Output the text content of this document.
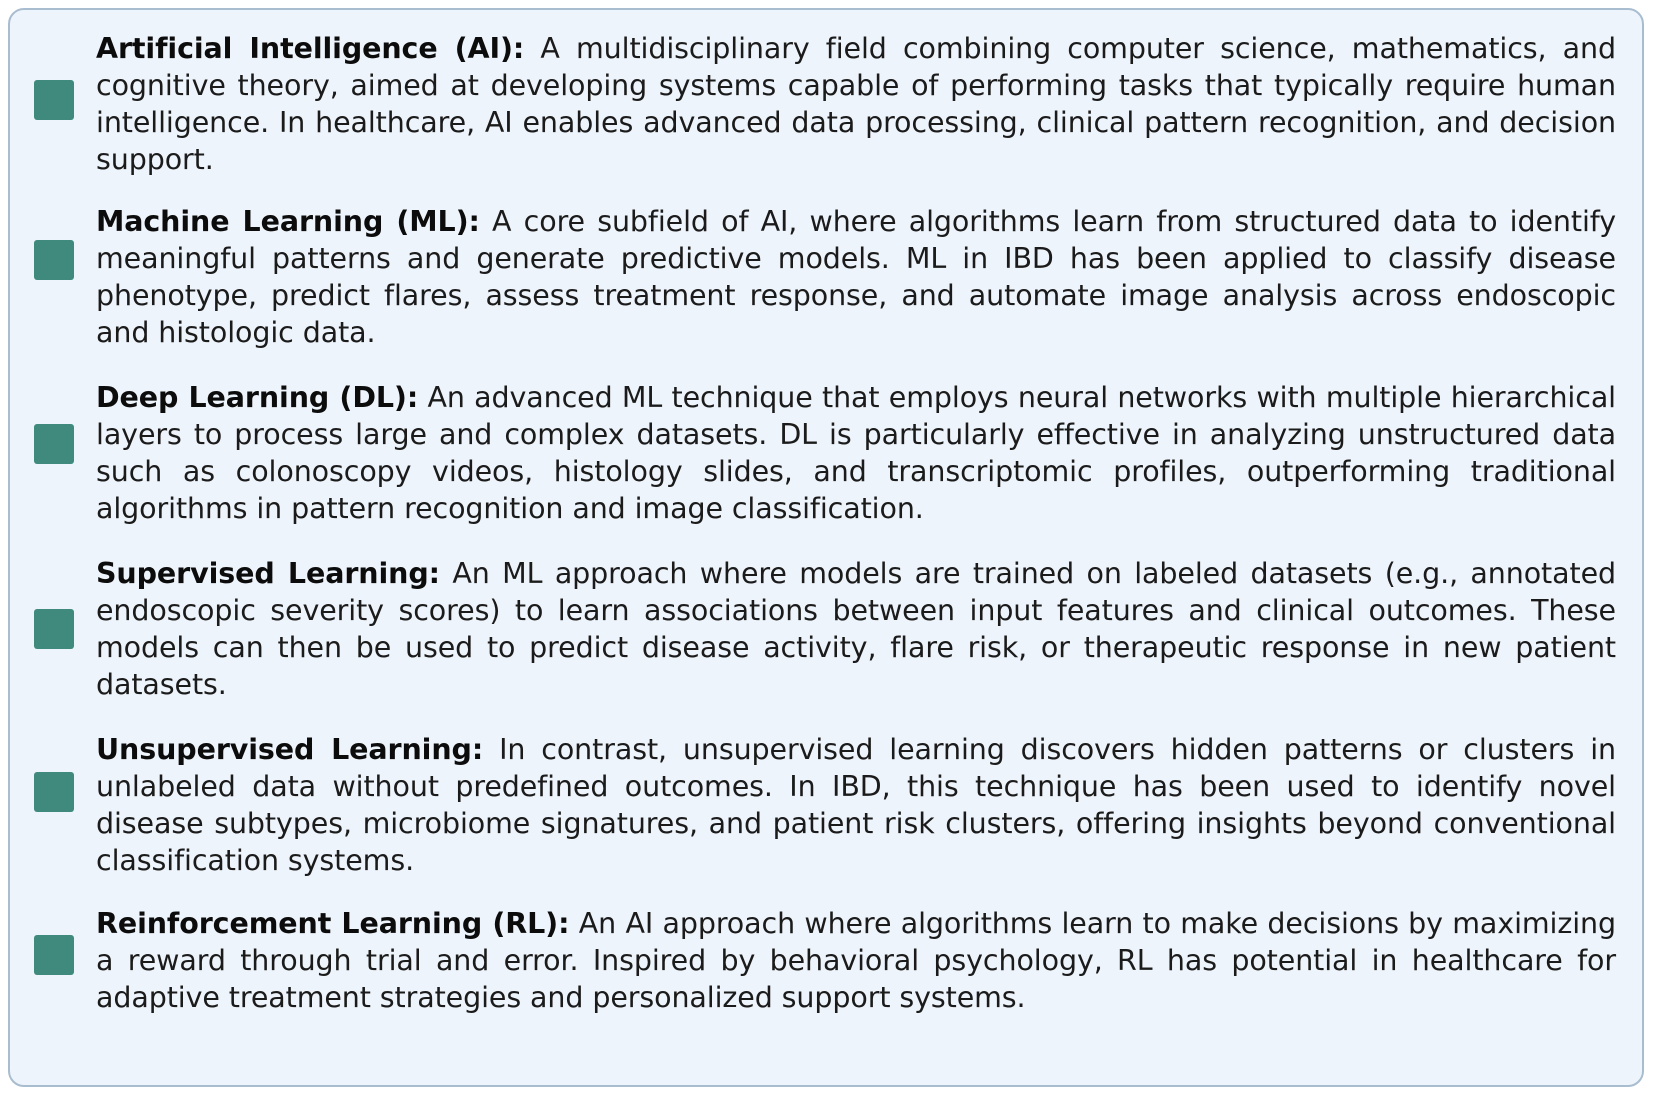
Artificial Intelligence (AI): A multidisciplinary field combining computer science, mathematics, and cognitive theory, aimed at developing systems capable of performing tasks that typically require human intelligence. In healthcare, AI enables advanced data processing, clinical pattern recognition, and decision support.

Machine Learning (ML): A core subfield of AI, where algorithms learn from structured data to identify meaningful patterns and generate predictive models. ML in IBD has been applied to classify disease phenotype, predict flares, assess treatment response, and automate image analysis across endoscopic and histologic data.

Deep Learning (DL): An advanced ML technique that employs neural networks with multiple hierarchical layers to process large and complex datasets. DL is particularly effective in analyzing unstructured data such as colonoscopy videos, histology slides, and transcriptomic profiles, outperforming traditional algorithms in pattern recognition and image classification.

Supervised Learning: An ML approach where models are trained on labeled datasets (e.g., annotated endoscopic severity scores) to learn associations between input features and clinical outcomes. These models can then be used to predict disease activity, flare risk, or therapeutic response in new patient datasets.

Unsupervised Learning: In contrast, unsupervised learning discovers hidden patterns or clusters in unlabeled data without predefined outcomes. In IBD, this technique has been used to identify novel disease subtypes, microbiome signatures, and patient risk clusters, offering insights beyond conventional classification systems.

Reinforcement Learning (RL): An AI approach where algorithms learn to make decisions by maximizing a reward through trial and error. Inspired by behavioral psychology, RL has potential in healthcare for adaptive treatment strategies and personalized support systems.
